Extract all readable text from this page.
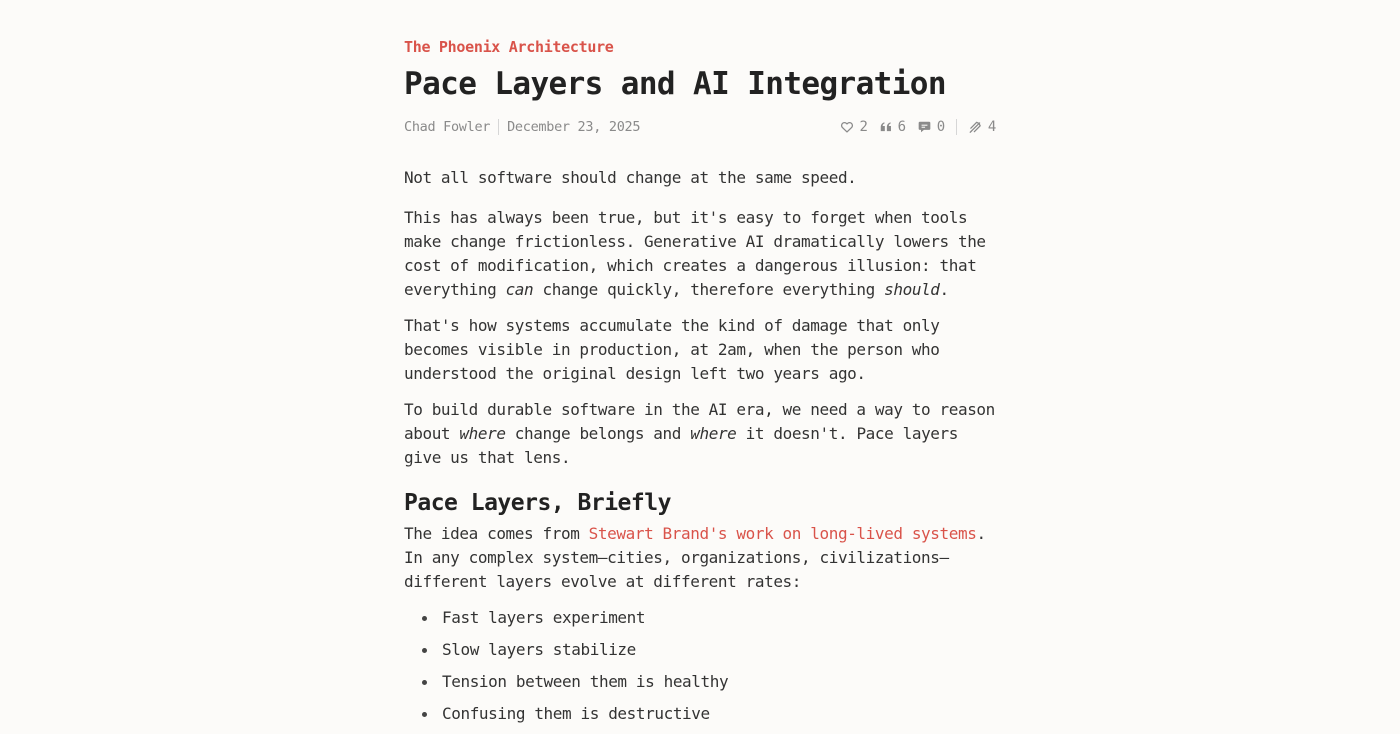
The Phoenix Architecture
Pace Layers and AI Integration
Chad Fowler December 23, 2025	2 6 0	4

Not all software should change at the same speed.

This has always been true, but it's easy to forget when tools make change frictionless. Generative AI dramatically lowers the cost of modification, which creates a dangerous illusion: that everything can change quickly, therefore everything should.

That's how systems accumulate the kind of damage that only becomes visible in production, at 2am, when the person who understood the original design left two years ago.

To build durable software in the AI era, we need a way to reason about where change belongs and where it doesn't. Pace layers give us that lens.

Pace Layers, Briefly

The idea comes from Stewart Brand's work on long-lived systems. In any complex system—cities, organizations, civilizations—different layers evolve at different rates:

Fast layers experiment
Slow layers stabilize
Tension between them is healthy
Confusing them is destructive
